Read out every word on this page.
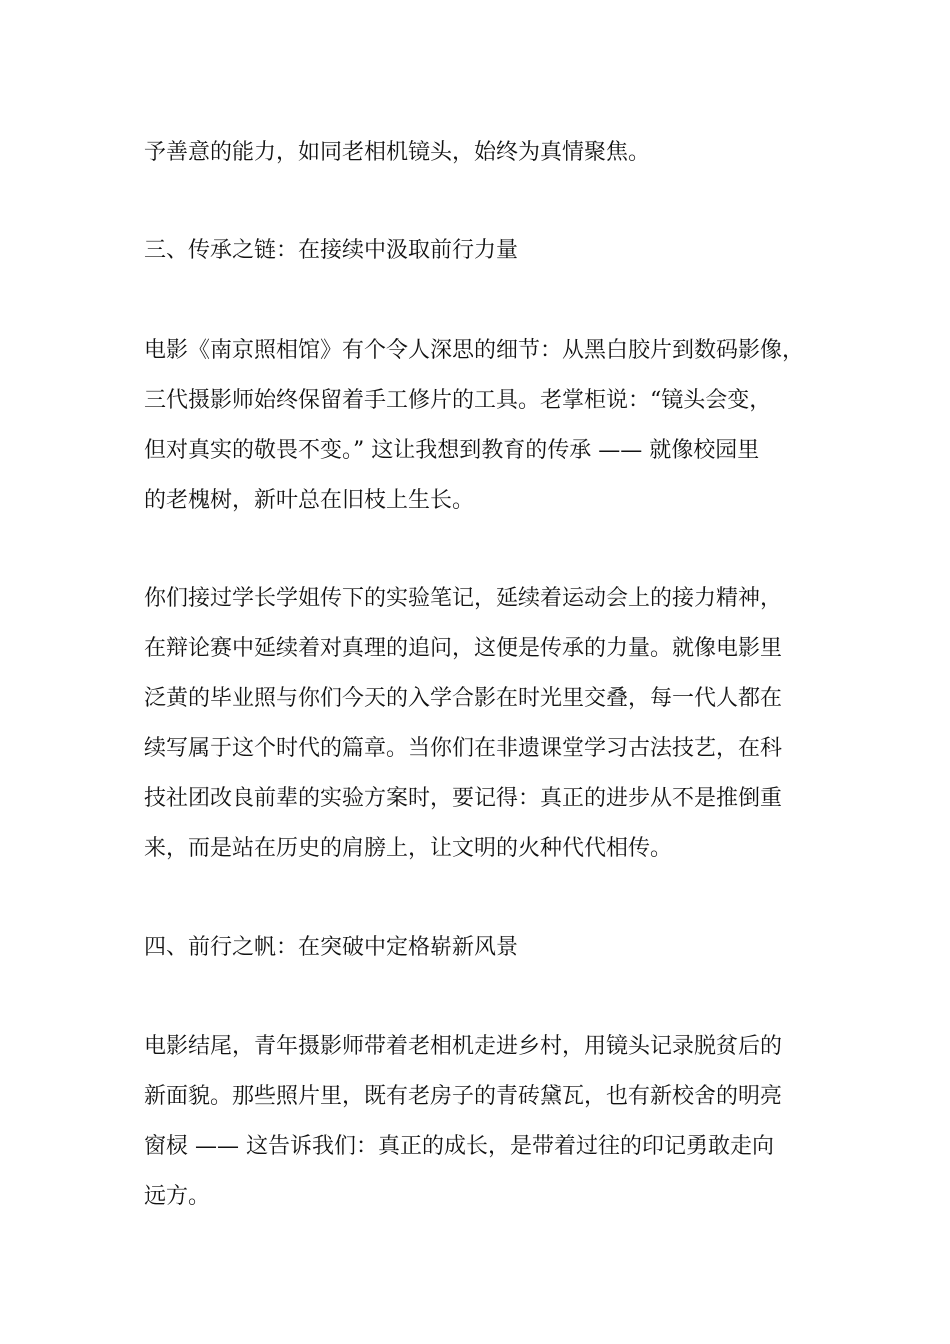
予善意的能力，如同老相机镜头，始终为真情聚焦。
三、传承之链：在接续中汲取前行力量
电影《南京照相馆》有个令人深思的细节：从黑白胶片到数码影像，
三代摄影师始终保留着手工修片的工具。老掌柜说：“镜头会变，
但对真实的敬畏不变。” 这让我想到教育的传承 —— 就像校园里
的老槐树，新叶总在旧枝上生长。
你们接过学长学姐传下的实验笔记，延续着运动会上的接力精神，
在辩论赛中延续着对真理的追问，这便是传承的力量。就像电影里
泛黄的毕业照与你们今天的入学合影在时光里交叠，每一代人都在
续写属于这个时代的篇章。当你们在非遗课堂学习古法技艺，在科
技社团改良前辈的实验方案时，要记得：真正的进步从不是推倒重
来，而是站在历史的肩膀上，让文明的火种代代相传。
四、前行之帆：在突破中定格崭新风景
电影结尾，青年摄影师带着老相机走进乡村，用镜头记录脱贫后的
新面貌。那些照片里，既有老房子的青砖黛瓦，也有新校舍的明亮
窗棂 —— 这告诉我们：真正的成长，是带着过往的印记勇敢走向
远方。
